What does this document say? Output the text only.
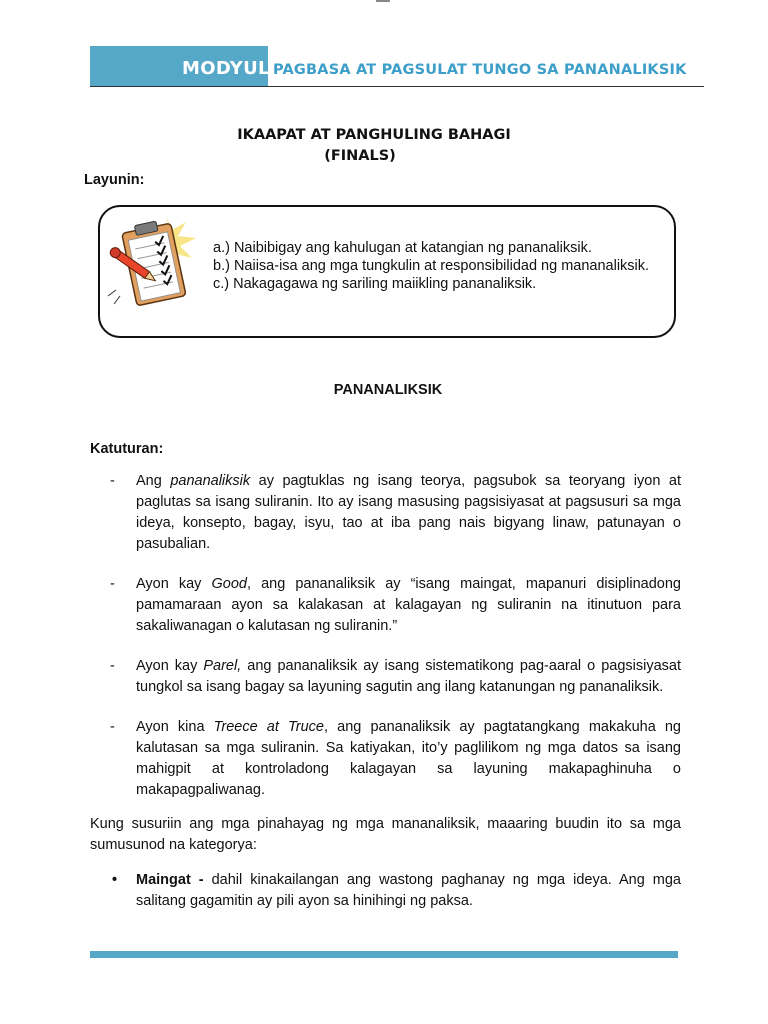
MODYUL PAGBASA AT PAGSULAT TUNGO SA PANANALIKSIK
IKAAPAT AT PANGHULING BAHAGI
(FINALS)
Layunin:
a.) Naibibigay ang kahulugan at katangian ng pananaliksik.
b.) Naiisa-isa ang mga tungkulin at responsibilidad ng mananaliksik.
c.) Nakagagawa ng sariling maiikling pananaliksik.
PANANALIKSIK
Katuturan:
- Ang pananaliksik ay pagtuklas ng isang teorya, pagsubok sa teoryang iyon at paglutas sa isang suliranin. Ito ay isang masusing pagsisiyasat at pagsusuri sa mga ideya, konsepto, bagay, isyu, tao at iba pang nais bigyang linaw, patunayan o pasubalian.
- Ayon kay Good, ang pananaliksik ay “isang maingat, mapanuri disiplinadong pamamaraan ayon sa kalakasan at kalagayan ng suliranin na itinutuon para sakaliwanagan o kalutasan ng suliranin.”
- Ayon kay Parel, ang pananaliksik ay isang sistematikong pag-aaral o pagsisiyasat tungkol sa isang bagay sa layuning sagutin ang ilang katanungan ng pananaliksik.
- Ayon kina Treece at Truce, ang pananaliksik ay pagtatangkang makakuha ng kalutasan sa mga suliranin. Sa katiyakan, ito’y paglilikom ng mga datos sa isang mahigpit at kontroladong kalagayan sa layuning makapaghinuha o makapagpaliwanag.
Kung susuriin ang mga pinahayag ng mga mananaliksik, maaaring buudin ito sa mga sumusunod na kategorya:
• Maingat - dahil kinakailangan ang wastong paghanay ng mga ideya. Ang mga salitang gagamitin ay pili ayon sa hinihingi ng paksa.
